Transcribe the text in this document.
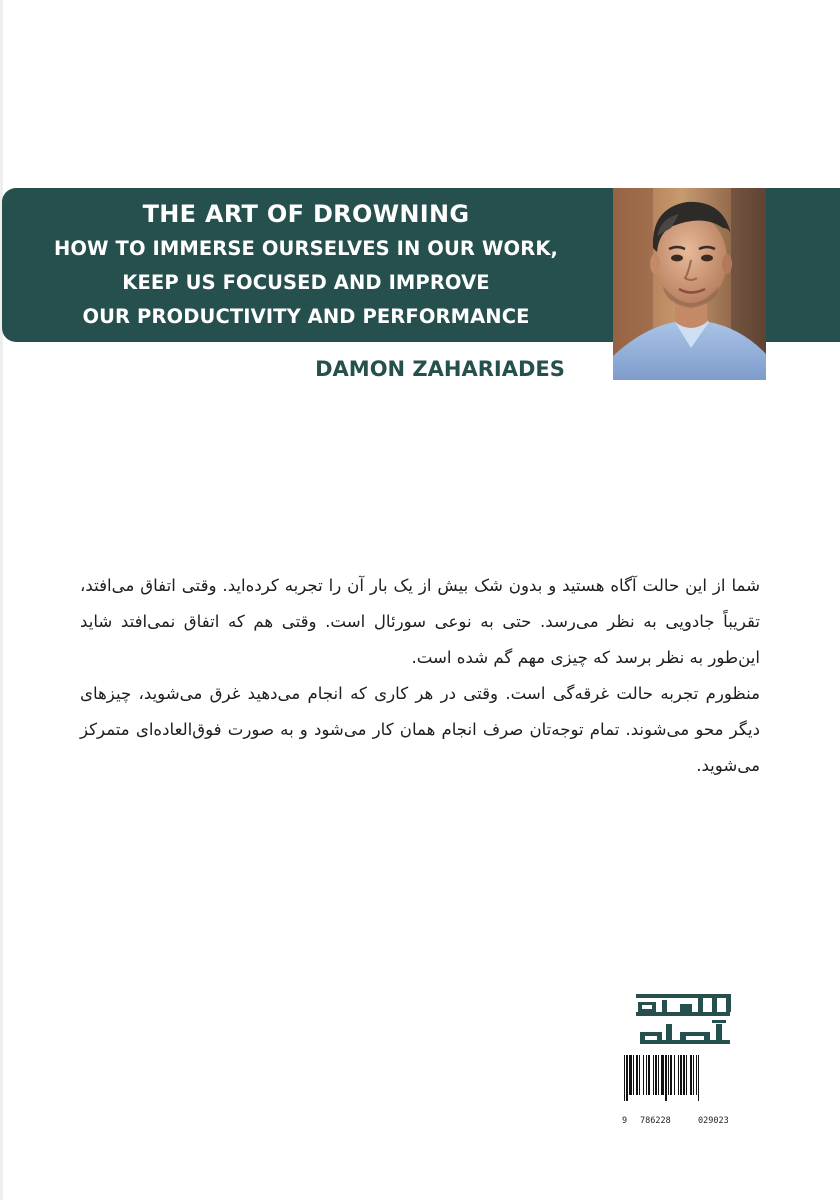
THE ART OF DROWNING

HOW TO IMMERSE OURSELVES IN OUR WORK,

KEEP US FOCUSED AND IMPROVE

OUR PRODUCTIVITY AND PERFORMANCE

DAMON ZAHARIADES

شما از این حالت آگاه هستید و بدون شک بیش از یک بار آن را تجربه کرده‌اید. وقتی اتفاق می‌افتد، تقریباً جادویی به نظر می‌رسد. حتی به نوعی سورئال است. وقتی هم که اتفاق نمی‌افتد شاید این‌طور به نظر برسد که چیزی مهم گم شده است.

منظورم تجربه حالت غرقه‌گی است. وقتی در هر کاری که انجام می‌دهید غرق می‌شوید، چیزهای دیگر محو می‌شوند. تمام توجه‌تان صرف انجام همان کار می‌شود و به صورت فوق‌العاده‌ای متمرکز می‌شوید.

9

786228

	029023
